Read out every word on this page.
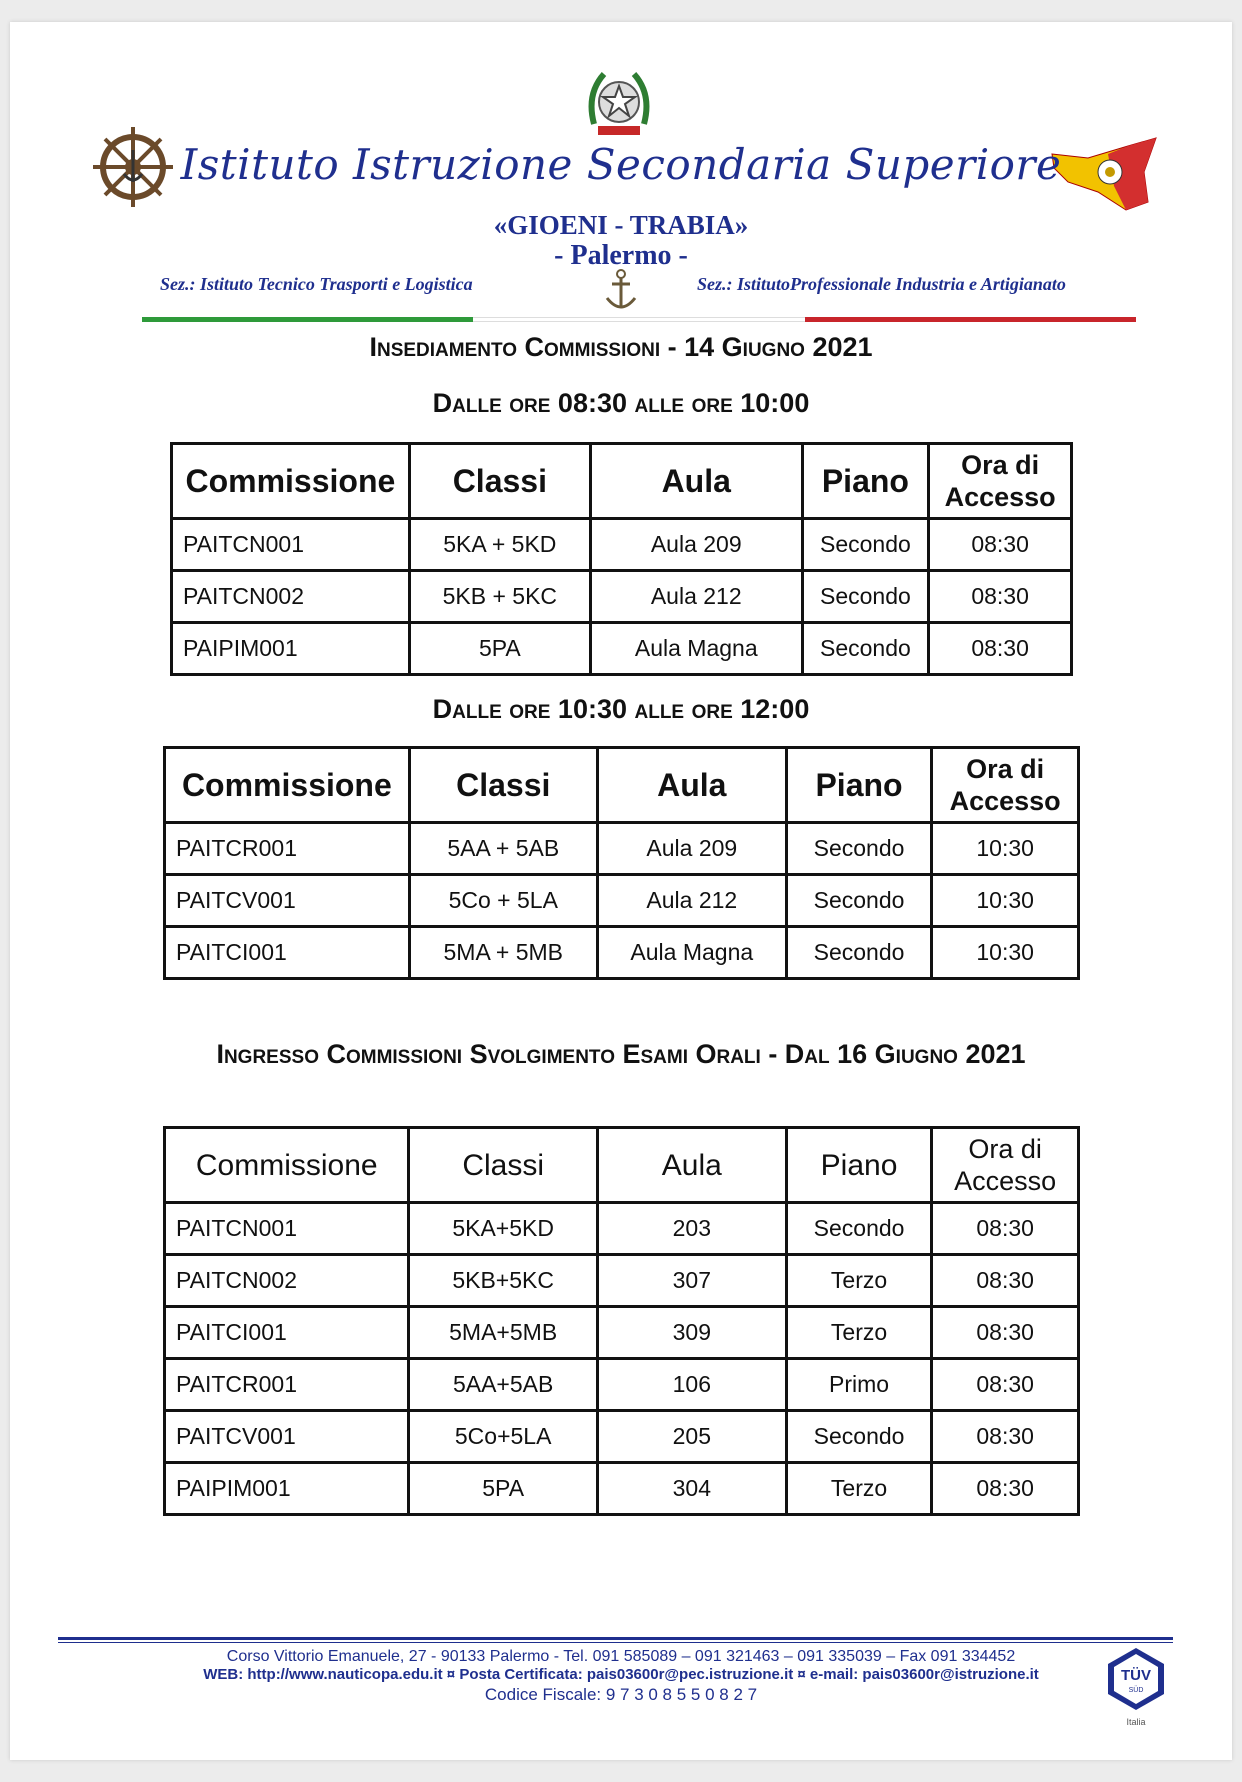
Istituto Istruzione Secondaria Superiore
«GIOENI - TRABIA»
- Palermo -
Sez.: Istituto Tecnico Trasporti e Logistica	Sez.: IstitutoProfessionale Industria e Artigianato
Insediamento Commissioni - 14 Giugno 2021
Dalle ore 08:30 alle ore 10:00
Commissione	Classi	Aula	Piano	Ora di
Accesso
PAITCN001	5KA + 5KD	Aula 209	Secondo	08:30
PAITCN002	5KB + 5KC	Aula 212	Secondo	08:30
PAIPIM001	5PA	Aula Magna	Secondo	08:30
Dalle ore 10:30 alle ore 12:00
Commissione	Classi	Aula	Piano	Ora di
Accesso
PAITCR001	5AA + 5AB	Aula 209	Secondo	10:30
PAITCV001	5Co + 5LA	Aula 212	Secondo	10:30
PAITCI001	5MA + 5MB	Aula Magna	Secondo	10:30
Ingresso Commissioni Svolgimento Esami Orali - Dal 16 Giugno 2021
Commissione	Classi	Aula	Piano	Ora di
Accesso
PAITCN001	5KA+5KD	203	Secondo	08:30
PAITCN002	5KB+5KC	307	Terzo	08:30
PAITCI001	5MA+5MB	309	Terzo	08:30
PAITCR001	5AA+5AB	106	Primo	08:30
PAITCV001	5Co+5LA	205	Secondo	08:30
PAIPIM001	5PA	304	Terzo	08:30
Corso Vittorio Emanuele, 27 - 90133 Palermo - Tel. 091 585089 – 091 321463 – 091 335039 – Fax 091 334452
WEB: http://www.nauticopa.edu.it ¤ Posta Certificata: pais03600r@pec.istruzione.it ¤ e-mail: pais03600r@istruzione.it
Codice Fiscale: 9 7 3 0 8 5 5 0 8 2 7
TÜV
SÜD
Italia
